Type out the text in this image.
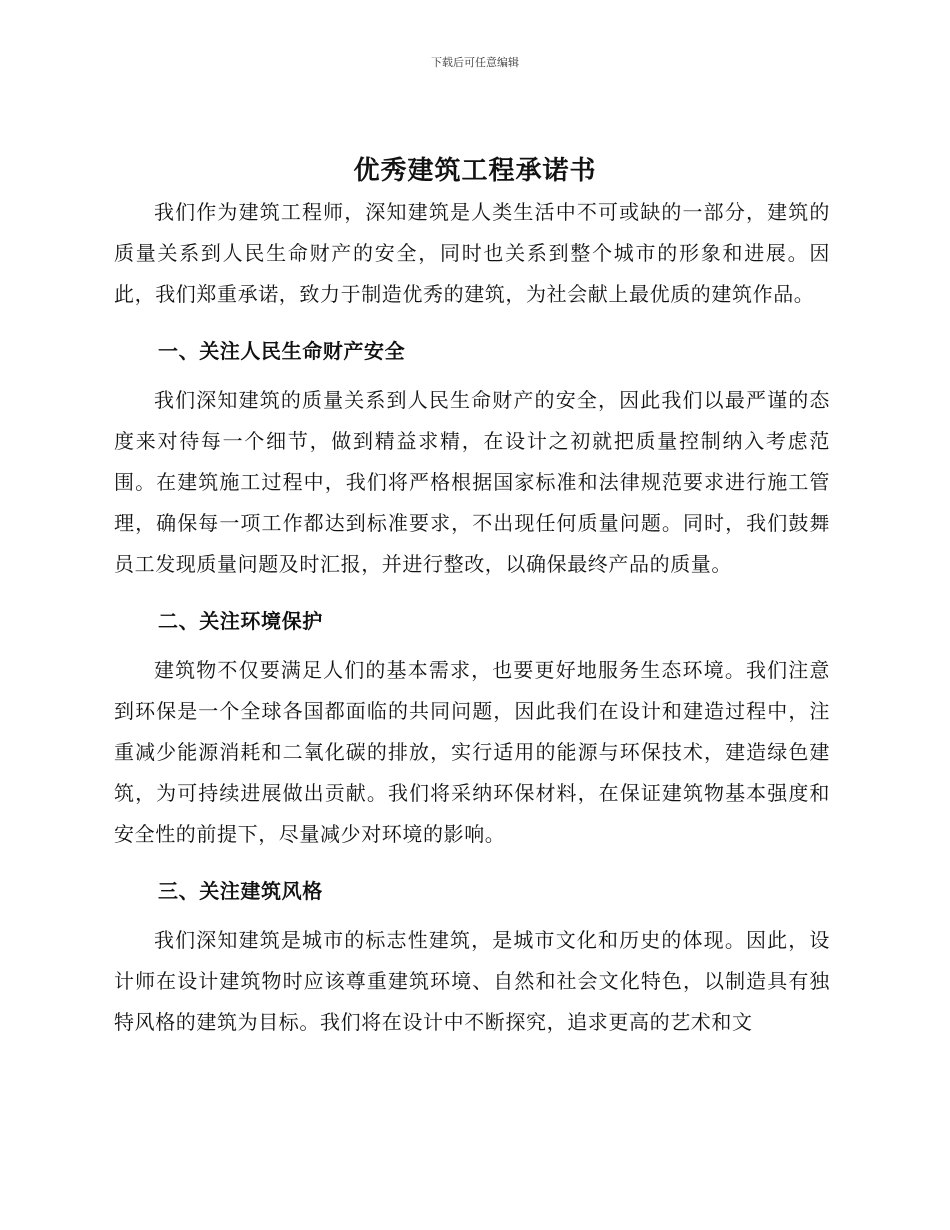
下载后可任意编辑
优秀建筑工程承诺书

我们作为建筑工程师，深知建筑是人类生活中不可或缺的一部分，建筑的质量关系到人民生命财产的安全，同时也关系到整个城市的形象和进展。因此，我们郑重承诺，致力于制造优秀的建筑，为社会献上最优质的建筑作品。

一、关注人民生命财产安全

我们深知建筑的质量关系到人民生命财产的安全，因此我们以最严谨的态度来对待每一个细节，做到精益求精，在设计之初就把质量控制纳入考虑范围。在建筑施工过程中，我们将严格根据国家标准和法律规范要求进行施工管理，确保每一项工作都达到标准要求，不出现任何质量问题。同时，我们鼓舞员工发现质量问题及时汇报，并进行整改，以确保最终产品的质量。

二、关注环境保护

建筑物不仅要满足人们的基本需求，也要更好地服务生态环境。我们注意到环保是一个全球各国都面临的共同问题，因此我们在设计和建造过程中，注重减少能源消耗和二氧化碳的排放，实行适用的能源与环保技术，建造绿色建筑，为可持续进展做出贡献。我们将采纳环保材料，在保证建筑物基本强度和安全性的前提下，尽量减少对环境的影响。

三、关注建筑风格

我们深知建筑是城市的标志性建筑，是城市文化和历史的体现。因此，设计师在设计建筑物时应该尊重建筑环境、自然和社会文化特色，以制造具有独特风格的建筑为目标。我们将在设计中不断探究，追求更高的艺术和文
